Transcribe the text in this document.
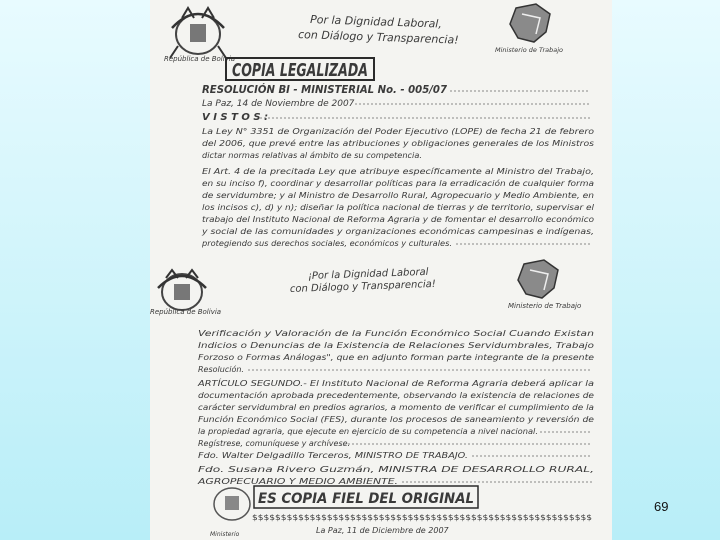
República de Bolivia
Por la Dignidad Laboral,
con Diálogo y Transparencia!
Ministerio de Trabajo
COPIA LEGALIZADA
RESOLUCIÓN BI - MINISTERIAL No. - 005/07
La Paz, 14 de Noviembre de 2007
V I S T O S :
La Ley N° 3351 de Organización del Poder Ejecutivo (LOPE) de fecha 21 de febrero
del 2006, que prevé entre las atribuciones y obligaciones generales de los Ministros
dictar normas relativas al ámbito de su competencia.
El Art. 4 de la precitada Ley que atribuye específicamente al Ministro del Trabajo,
en su inciso f), coordinar y desarrollar políticas para la erradicación de cualquier forma
de servidumbre; y al Ministro de Desarrollo Rural, Agropecuario y Medio Ambiente, en
los incisos c), d) y n); diseñar la política nacional de tierras y de territorio, supervisar el
trabajo del Instituto Nacional de Reforma Agraria y de fomentar el desarrollo económico
y social de las comunidades y organizaciones económicas campesinas e indígenas,
protegiendo sus derechos sociales, económicos y culturales.
República de Bolivia
¡Por la Dignidad Laboral
con Diálogo y Transparencia!
Ministerio de Trabajo
Verificación y Valoración de la Función Económico Social Cuando Existan
Indicios o Denuncias de la Existencia de Relaciones Servidumbrales, Trabajo
Forzoso o Formas Análogas", que en adjunto forman parte integrante de la presente
Resolución.
ARTÍCULO SEGUNDO.- El Instituto Nacional de Reforma Agraria deberá aplicar la
documentación aprobada precedentemente, observando la existencia de relaciones de
carácter servidumbral en predios agrarios, a momento de verificar el cumplimiento de la
Función Económico Social (FES), durante los procesos de saneamiento y reversión de
la propiedad agraria, que ejecute en ejercicio de su competencia a nivel nacional.
Regístrese, comuníquese y archívese.
Fdo. Walter Delgadillo Terceros, MINISTRO DE TRABAJO.
Fdo. Susana Rivero Guzmán, MINISTRA DE DESARROLLO RURAL,
AGROPECUARIO Y MEDIO AMBIENTE.
Ministerio
ES COPIA FIEL DEL ORIGINAL
$$$$$$$$$$$$$$$$$$$$$$$$$$$$$$$$$$$$$$$$$$$$$$$$$$$$$$$$$$$
La Paz, 11 de Diciembre de 2007
69
